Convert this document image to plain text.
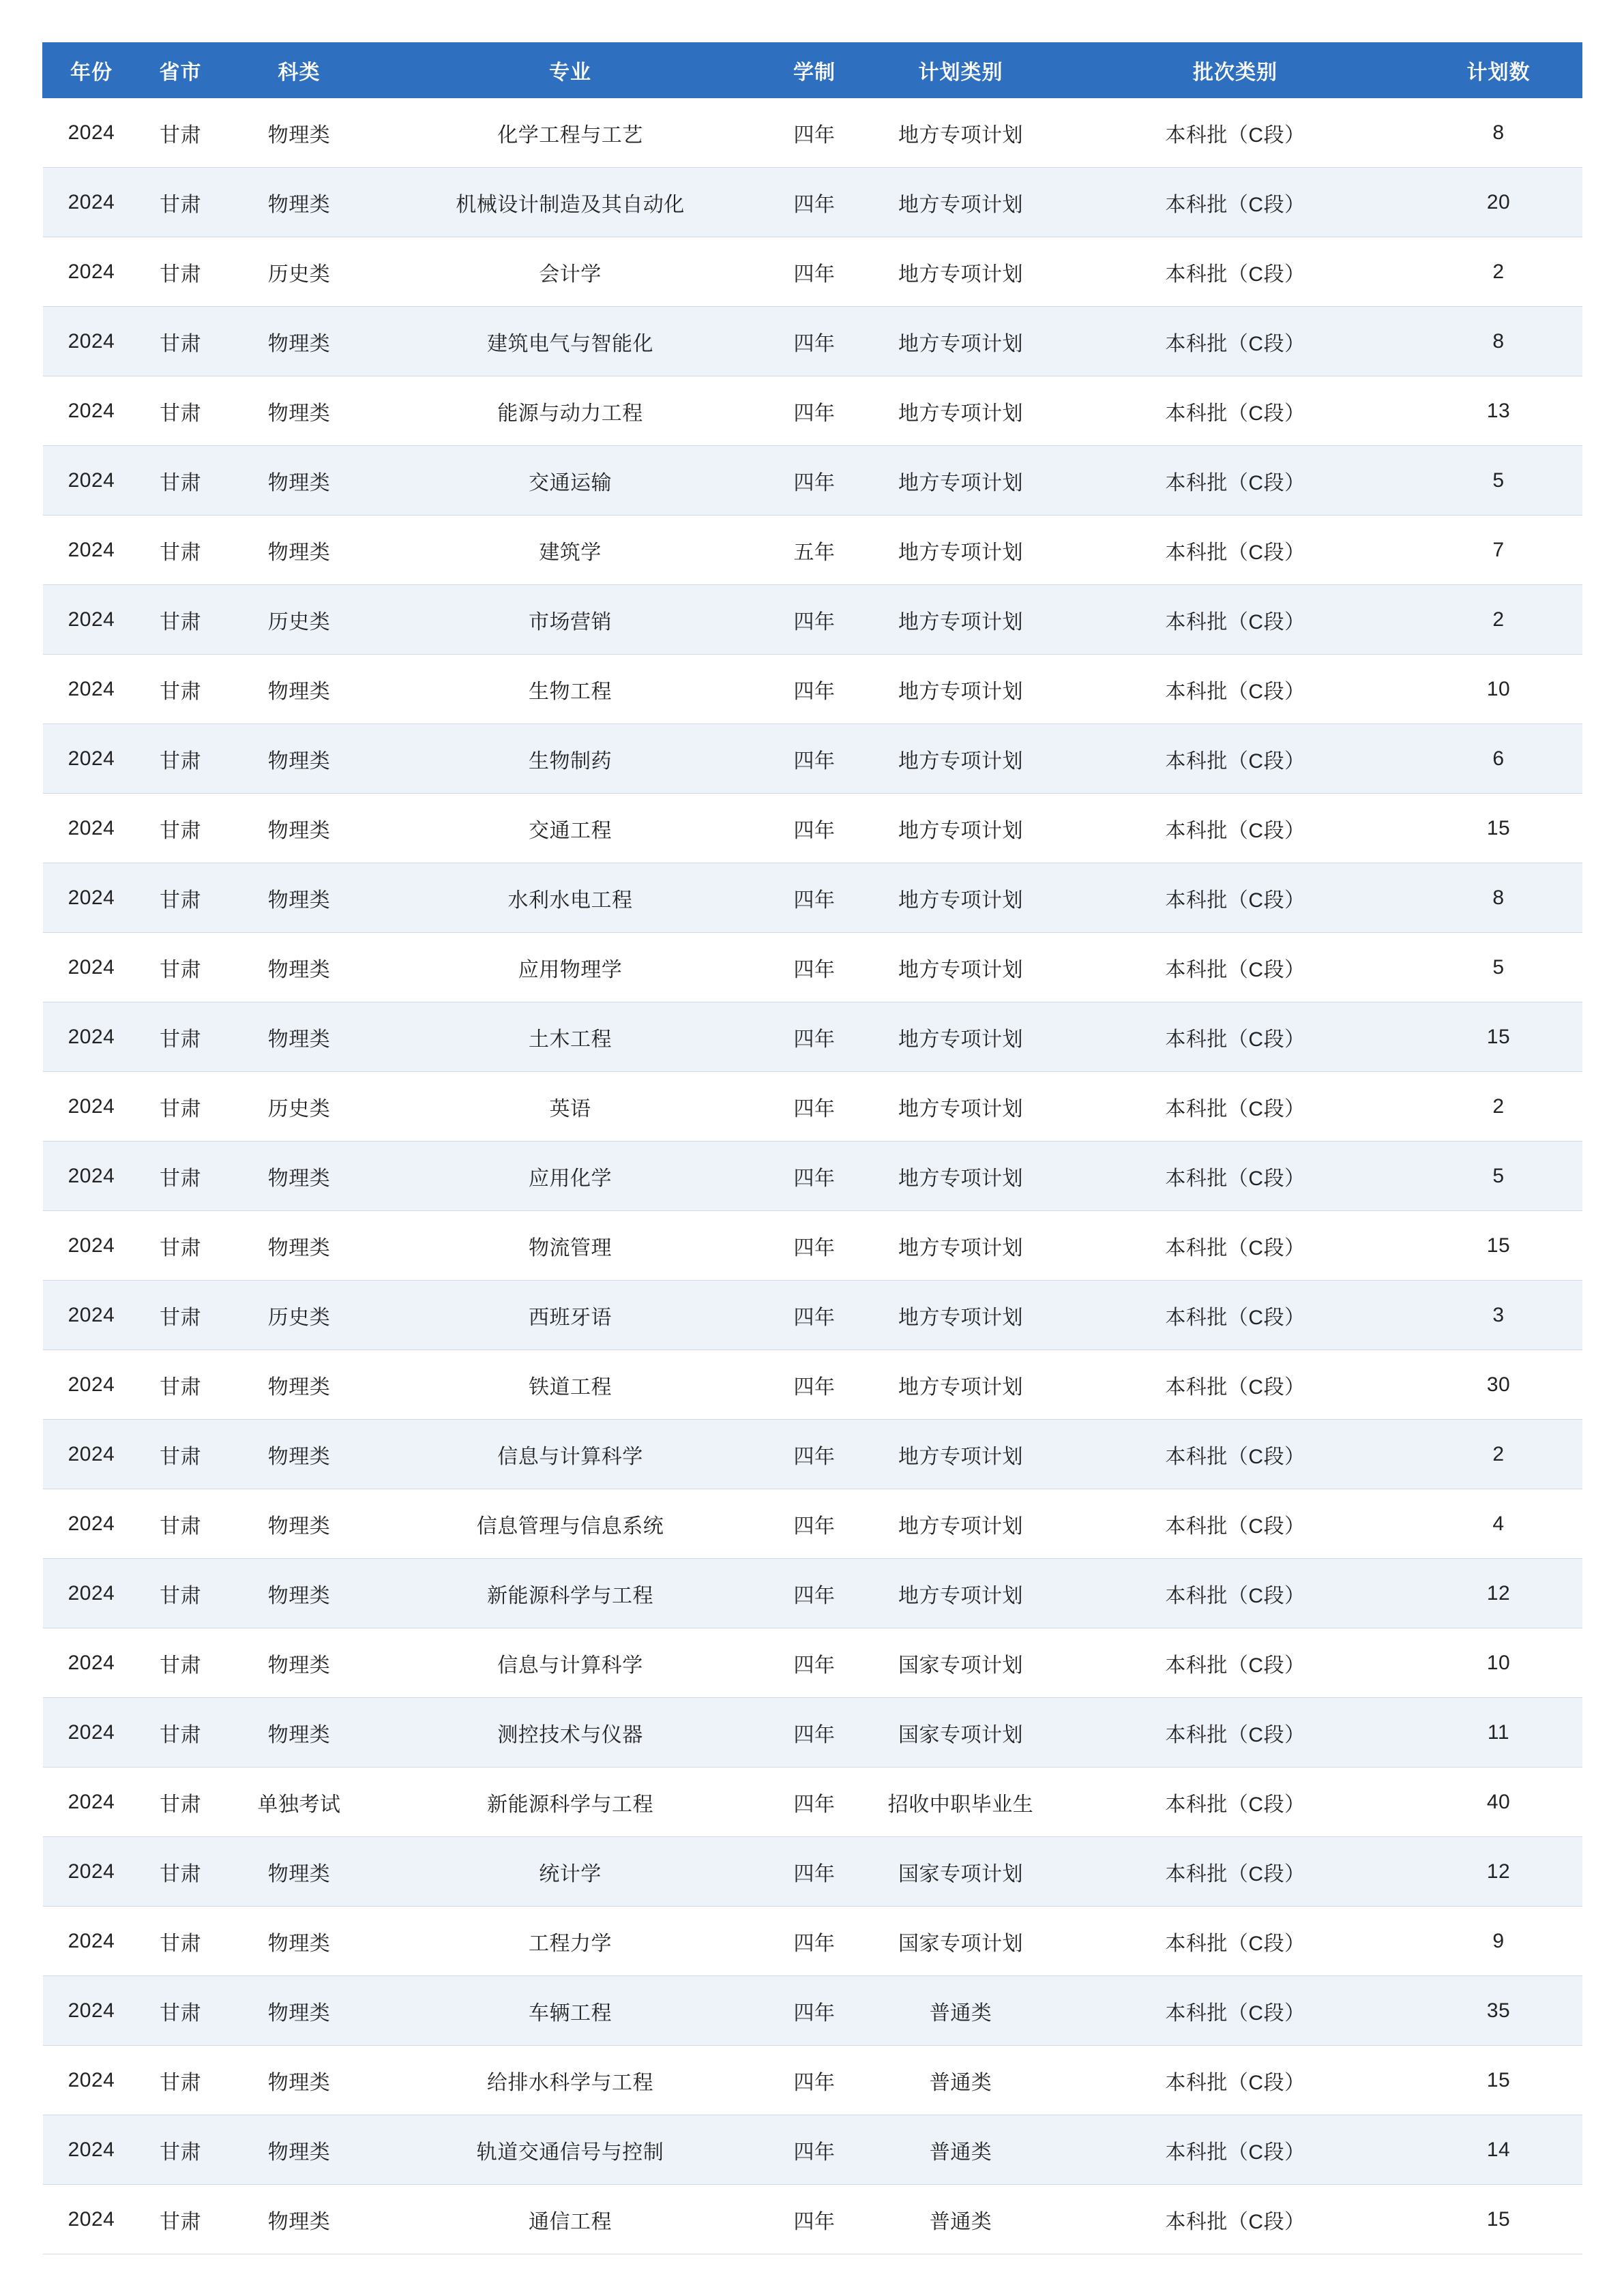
年份	省市	科类	专业	学制	计划类别	批次类别	计划数
2024	甘肃	物理类	化学工程与工艺	四年	地方专项计划	本科批（C段）	8
2024	甘肃	物理类	机械设计制造及其自动化	四年	地方专项计划	本科批（C段）	20
2024	甘肃	历史类	会计学	四年	地方专项计划	本科批（C段）	2
2024	甘肃	物理类	建筑电气与智能化	四年	地方专项计划	本科批（C段）	8
2024	甘肃	物理类	能源与动力工程	四年	地方专项计划	本科批（C段）	13
2024	甘肃	物理类	交通运输	四年	地方专项计划	本科批（C段）	5
2024	甘肃	物理类	建筑学	五年	地方专项计划	本科批（C段）	7
2024	甘肃	历史类	市场营销	四年	地方专项计划	本科批（C段）	2
2024	甘肃	物理类	生物工程	四年	地方专项计划	本科批（C段）	10
2024	甘肃	物理类	生物制药	四年	地方专项计划	本科批（C段）	6
2024	甘肃	物理类	交通工程	四年	地方专项计划	本科批（C段）	15
2024	甘肃	物理类	水利水电工程	四年	地方专项计划	本科批（C段）	8
2024	甘肃	物理类	应用物理学	四年	地方专项计划	本科批（C段）	5
2024	甘肃	物理类	土木工程	四年	地方专项计划	本科批（C段）	15
2024	甘肃	历史类	英语	四年	地方专项计划	本科批（C段）	2
2024	甘肃	物理类	应用化学	四年	地方专项计划	本科批（C段）	5
2024	甘肃	物理类	物流管理	四年	地方专项计划	本科批（C段）	15
2024	甘肃	历史类	西班牙语	四年	地方专项计划	本科批（C段）	3
2024	甘肃	物理类	铁道工程	四年	地方专项计划	本科批（C段）	30
2024	甘肃	物理类	信息与计算科学	四年	地方专项计划	本科批（C段）	2
2024	甘肃	物理类	信息管理与信息系统	四年	地方专项计划	本科批（C段）	4
2024	甘肃	物理类	新能源科学与工程	四年	地方专项计划	本科批（C段）	12
2024	甘肃	物理类	信息与计算科学	四年	国家专项计划	本科批（C段）	10
2024	甘肃	物理类	测控技术与仪器	四年	国家专项计划	本科批（C段）	11
2024	甘肃	单独考试	新能源科学与工程	四年	招收中职毕业生	本科批（C段）	40
2024	甘肃	物理类	统计学	四年	国家专项计划	本科批（C段）	12
2024	甘肃	物理类	工程力学	四年	国家专项计划	本科批（C段）	9
2024	甘肃	物理类	车辆工程	四年	普通类	本科批（C段）	35
2024	甘肃	物理类	给排水科学与工程	四年	普通类	本科批（C段）	15
2024	甘肃	物理类	轨道交通信号与控制	四年	普通类	本科批（C段）	14
2024	甘肃	物理类	通信工程	四年	普通类	本科批（C段）	15
